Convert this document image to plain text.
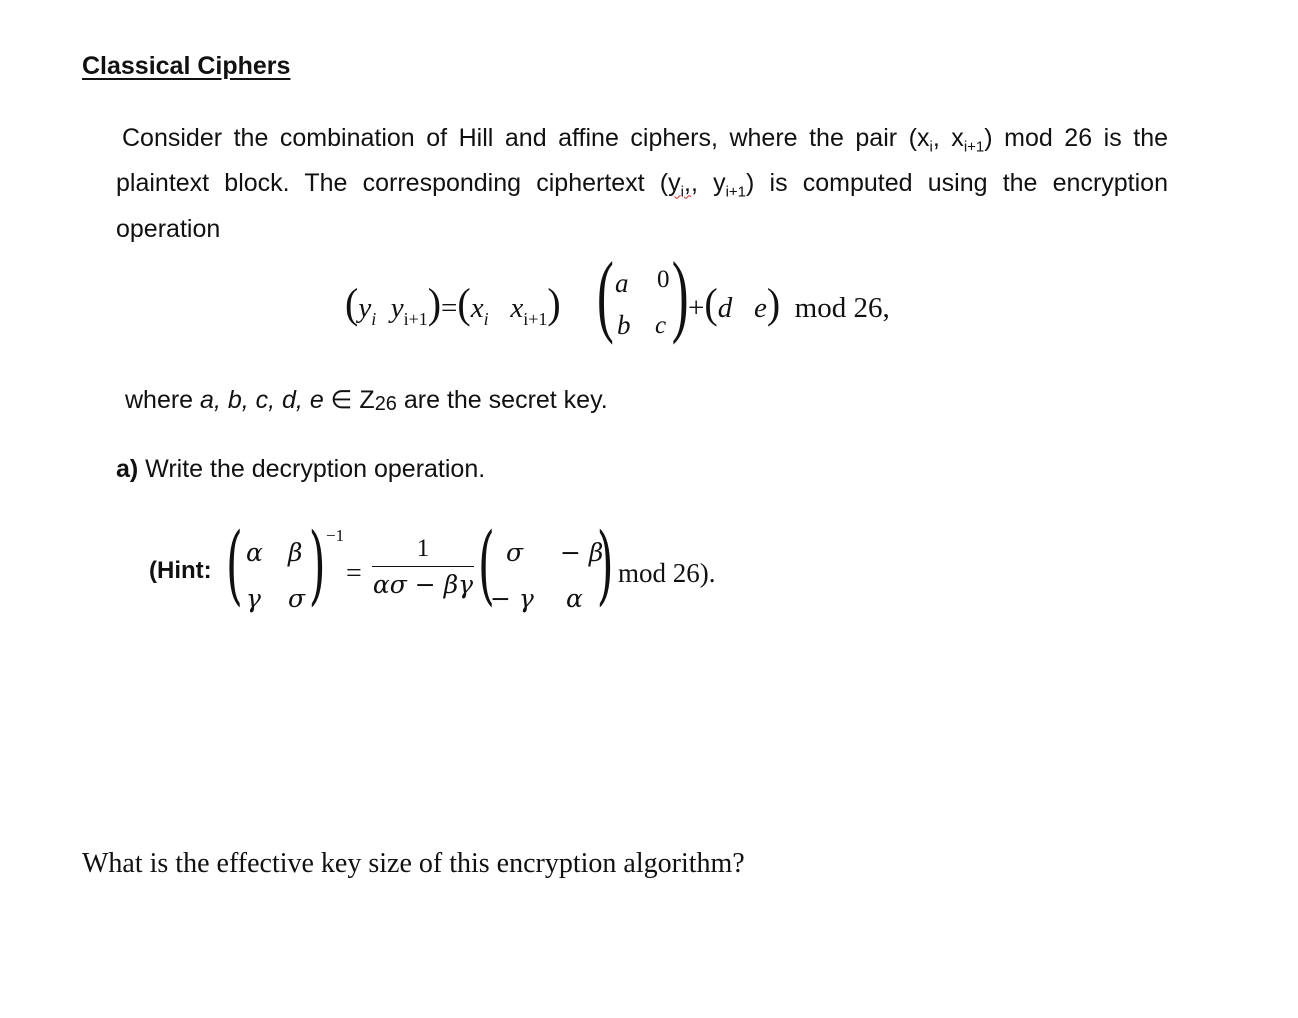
Classical Ciphers
Consider the combination of Hill and affine ciphers, where the pair ($x_i$, $x_{i+1}$) mod 26 is the plaintext block. The corresponding ciphertext ($y_i$,, $y_{i+1}$) is computed using the encryption operation
($y_i$ $y_{i+1})=(x_i$ $x_{i+1}$) ( )
a 0
b c
+(d e) mod 26,
where a, b, c, d, e ∈ Z26 are the secret key.
a) Write the decryption operation.
(Hint: ( )
α β
γ σ
−1
=
1
ασ − βγ ( )
σ − β
− γ α
mod 26).
What is the effective key size of this encryption algorithm?
